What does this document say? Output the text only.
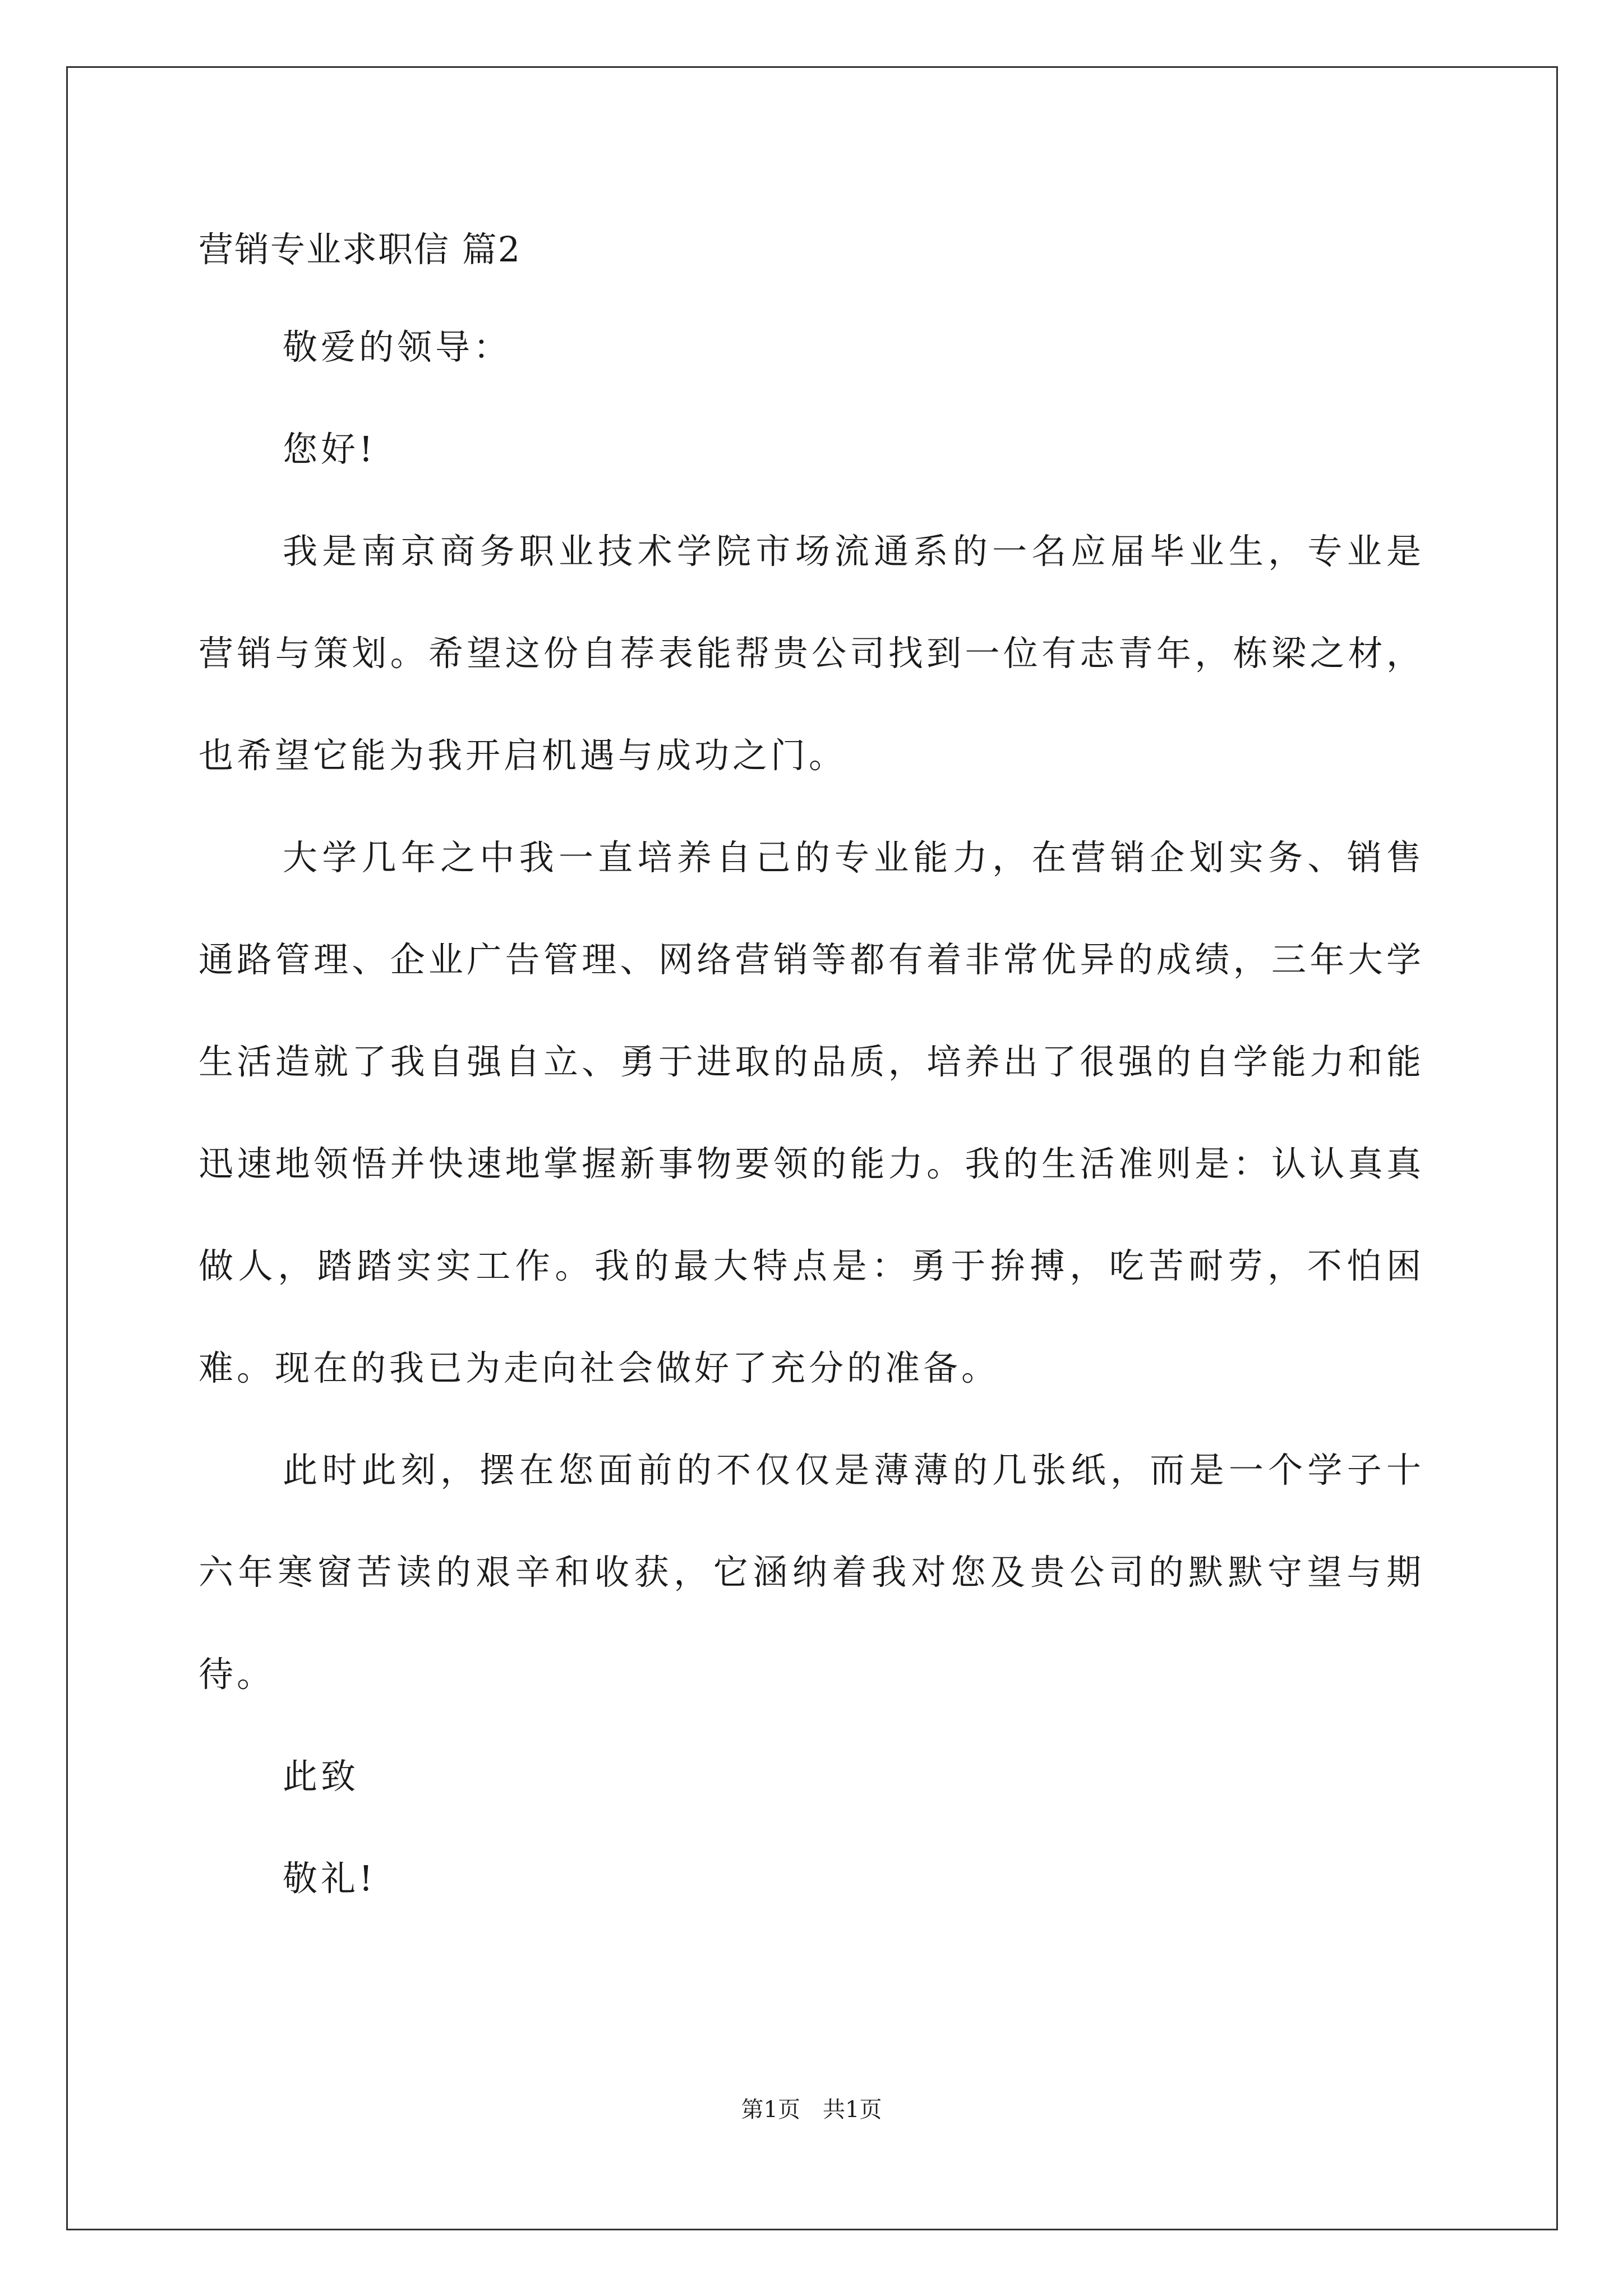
营销专业求职信 篇2

敬爱的领导：

您好!

我是南京商务职业技术学院市场流通系的一名应届毕业生，专业是营销与策划。希望这份自荐表能帮贵公司找到一位有志青年，栋梁之材，也希望它能为我开启机遇与成功之门。

大学几年之中我一直培养自己的专业能力，在营销企划实务、销售通路管理、企业广告管理、网络营销等都有着非常优异的成绩，三年大学生活造就了我自强自立、勇于进取的品质，培养出了很强的自学能力和能迅速地领悟并快速地掌握新事物要领的能力。我的生活准则是：认认真真做人，踏踏实实工作。我的最大特点是：勇于拚搏，吃苦耐劳，不怕困难。现在的我已为走向社会做好了充分的准备。

此时此刻，摆在您面前的不仅仅是薄薄的几张纸，而是一个学子十六年寒窗苦读的艰辛和收获，它涵纳着我对您及贵公司的默默守望与期待。

此致

敬礼!

第1页　共1页
